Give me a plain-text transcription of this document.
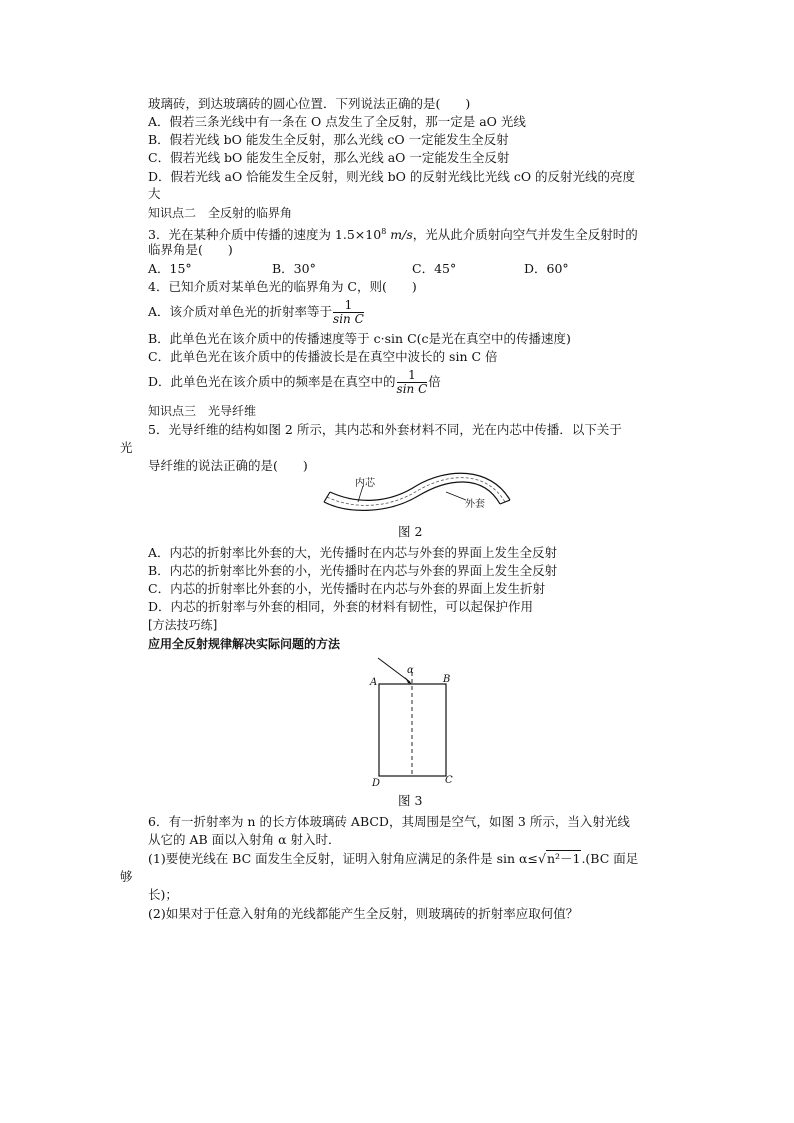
玻璃砖，到达玻璃砖的圆心位置．下列说法正确的是(　　)
A．假若三条光线中有一条在 O 点发生了全反射，那一定是 aO 光线
B．假若光线 bO 能发生全反射，那么光线 cO 一定能发生全反射
C．假若光线 bO 能发生全反射，那么光线 aO 一定能发生全反射
D．假若光线 aO 恰能发生全反射，则光线 bO 的反射光线比光线 cO 的反射光线的亮度
大
知识点二　全反射的临界角
3．光在某种介质中传播的速度为 $1.5\times 10^8$ m/s，光从此介质射向空气并发生全反射时的
临界角是(　　)
A．15°	B．30°	C．45°	D．60°
4．已知介质对某单色光的临界角为 C，则(　　)
A．该介质对单色光的折射率等于 $\frac{1}{\text{sin C}}$
B．此单色光在该介质中的传播速度等于 c·sin C(c是光在真空中的传播速度)
C．此单色光在该介质中的传播波长是在真空中波长的 sin C 倍
D．此单色光在该介质中的频率是在真空中的 $\frac{1}{\text{sin C}}$ 倍
知识点三　光导纤维
5．光导纤维的结构如图 2 所示，其内芯和外套材料不同，光在内芯中传播．以下关于
光
导纤维的说法正确的是(　　)
内芯
外套
图 2
A．内芯的折射率比外套的大，光传播时在内芯与外套的界面上发生全反射
B．内芯的折射率比外套的小，光传播时在内芯与外套的界面上发生全反射
C．内芯的折射率比外套的小，光传播时在内芯与外套的界面上发生折射
D．内芯的折射率与外套的相同，外套的材料有韧性，可以起保护作用
[方法技巧练]
应用全反射规律解决实际问题的方法
α
A	B
C
D
图 3
6．有一折射率为 n 的长方体玻璃砖 ABCD，其周围是空气，如图 3 所示，当入射光线
从它的 AB 面以入射角 α 射入时．
(1)要使光线在 BC 面发生全反射，证明入射角应满足的条件是 sin α≤√n²－1.(BC 面足
够
长)；
(2)如果对于任意入射角的光线都能产生全反射，则玻璃砖的折射率应取何值？
